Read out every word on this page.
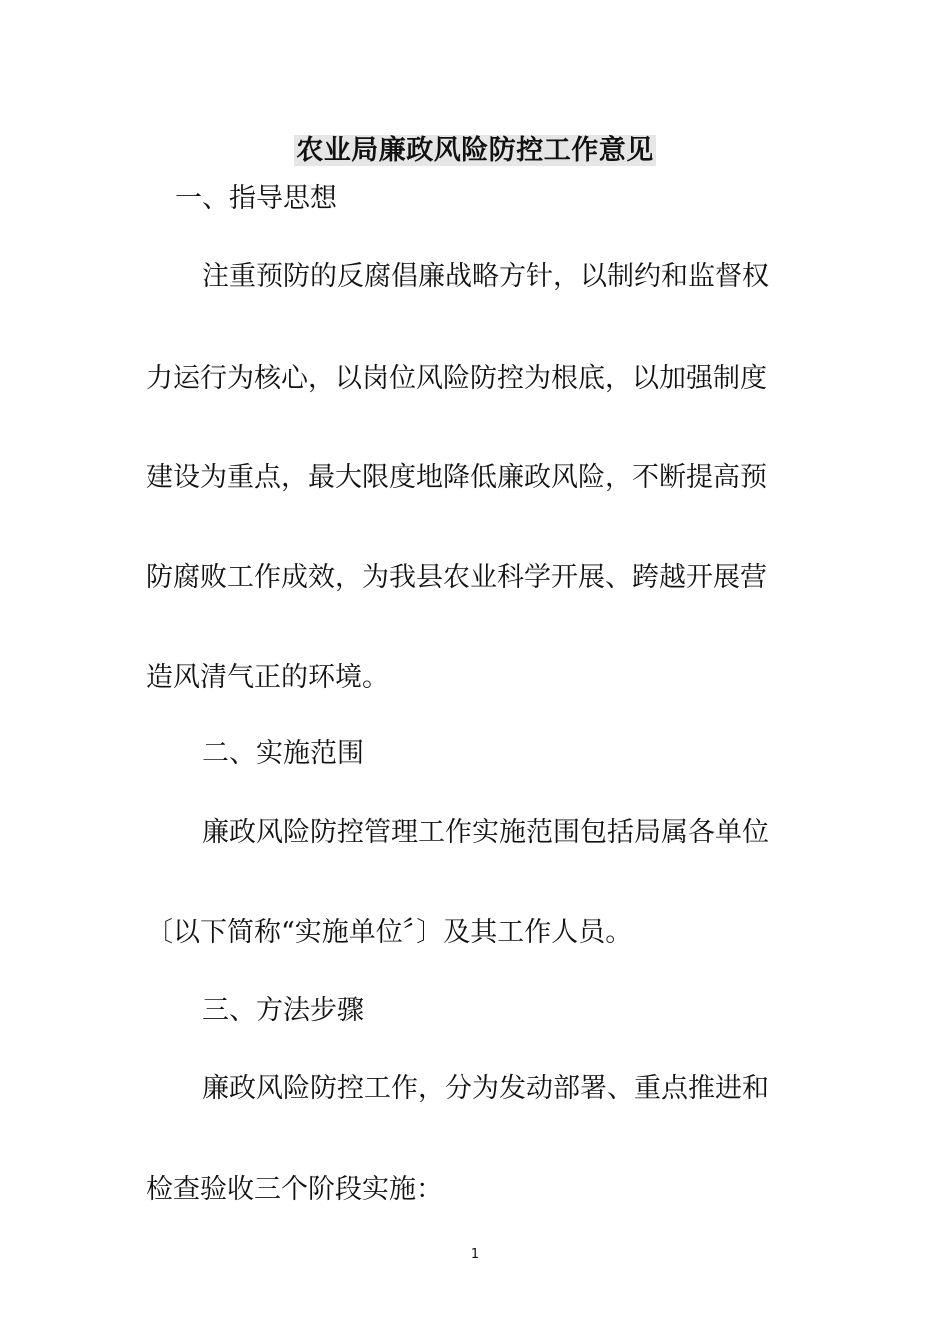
农业局廉政风险防控工作意见
一、指导思想
注重预防的反腐倡廉战略方针，以制约和监督权
力运行为核心，以岗位风险防控为根底，以加强制度
建设为重点，最大限度地降低廉政风险，不断提高预
防腐败工作成效，为我县农业科学开展、跨越开展营
造风清气正的环境。
二、实施范围
廉政风险防控管理工作实施范围包括局属各单位
〔以下简称“实施单位〞〕及其工作人员。
三、方法步骤
廉政风险防控工作，分为发动部署、重点推进和
检查验收三个阶段实施：
1
